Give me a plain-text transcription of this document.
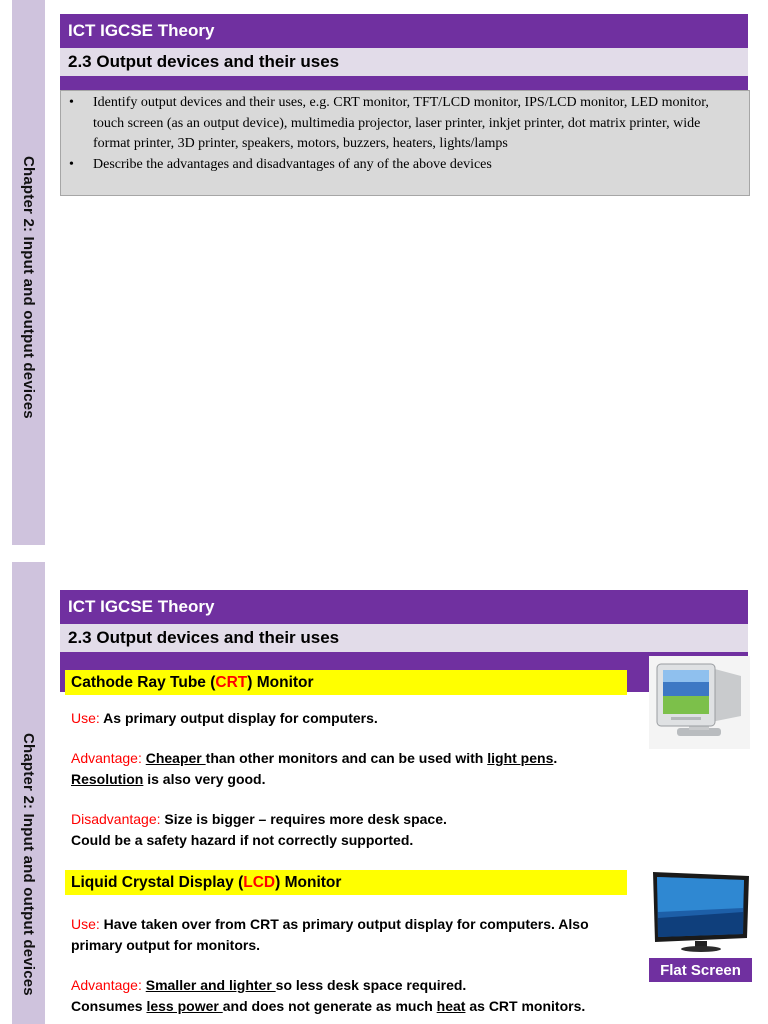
Chapter 2: Input and output devices
ICT IGCSE Theory
2.3 Output devices and their uses
•	Identify output devices and their uses, e.g. CRT monitor, TFT/LCD monitor, IPS/LCD monitor, LED monitor, touch screen (as an output device), multimedia projector, laser printer, inkjet printer, dot matrix printer, wide format printer, 3D printer, speakers, motors, buzzers, heaters, lights/lamps
•	Describe the advantages and disadvantages of any of the above devices
Chapter 2: Input and output devices
ICT IGCSE Theory
2.3 Output devices and their uses
Cathode Ray Tube ( CRT ) Monitor
Use: As primary output display for computers.
Advantage: Cheaper than other monitors and can be used with light pens.
Resolution is also very good.
Disadvantage: Size is bigger – requires more desk space.
Could be a safety hazard if not correctly supported.
Liquid Crystal Display ( LCD ) Monitor
Use: Have taken over from CRT as primary output display for computers. Also primary output for monitors.
Advantage: Smaller and lighter so less desk space required.
Consumes less power and does not generate as much heat as CRT monitors.
Flat Screen
